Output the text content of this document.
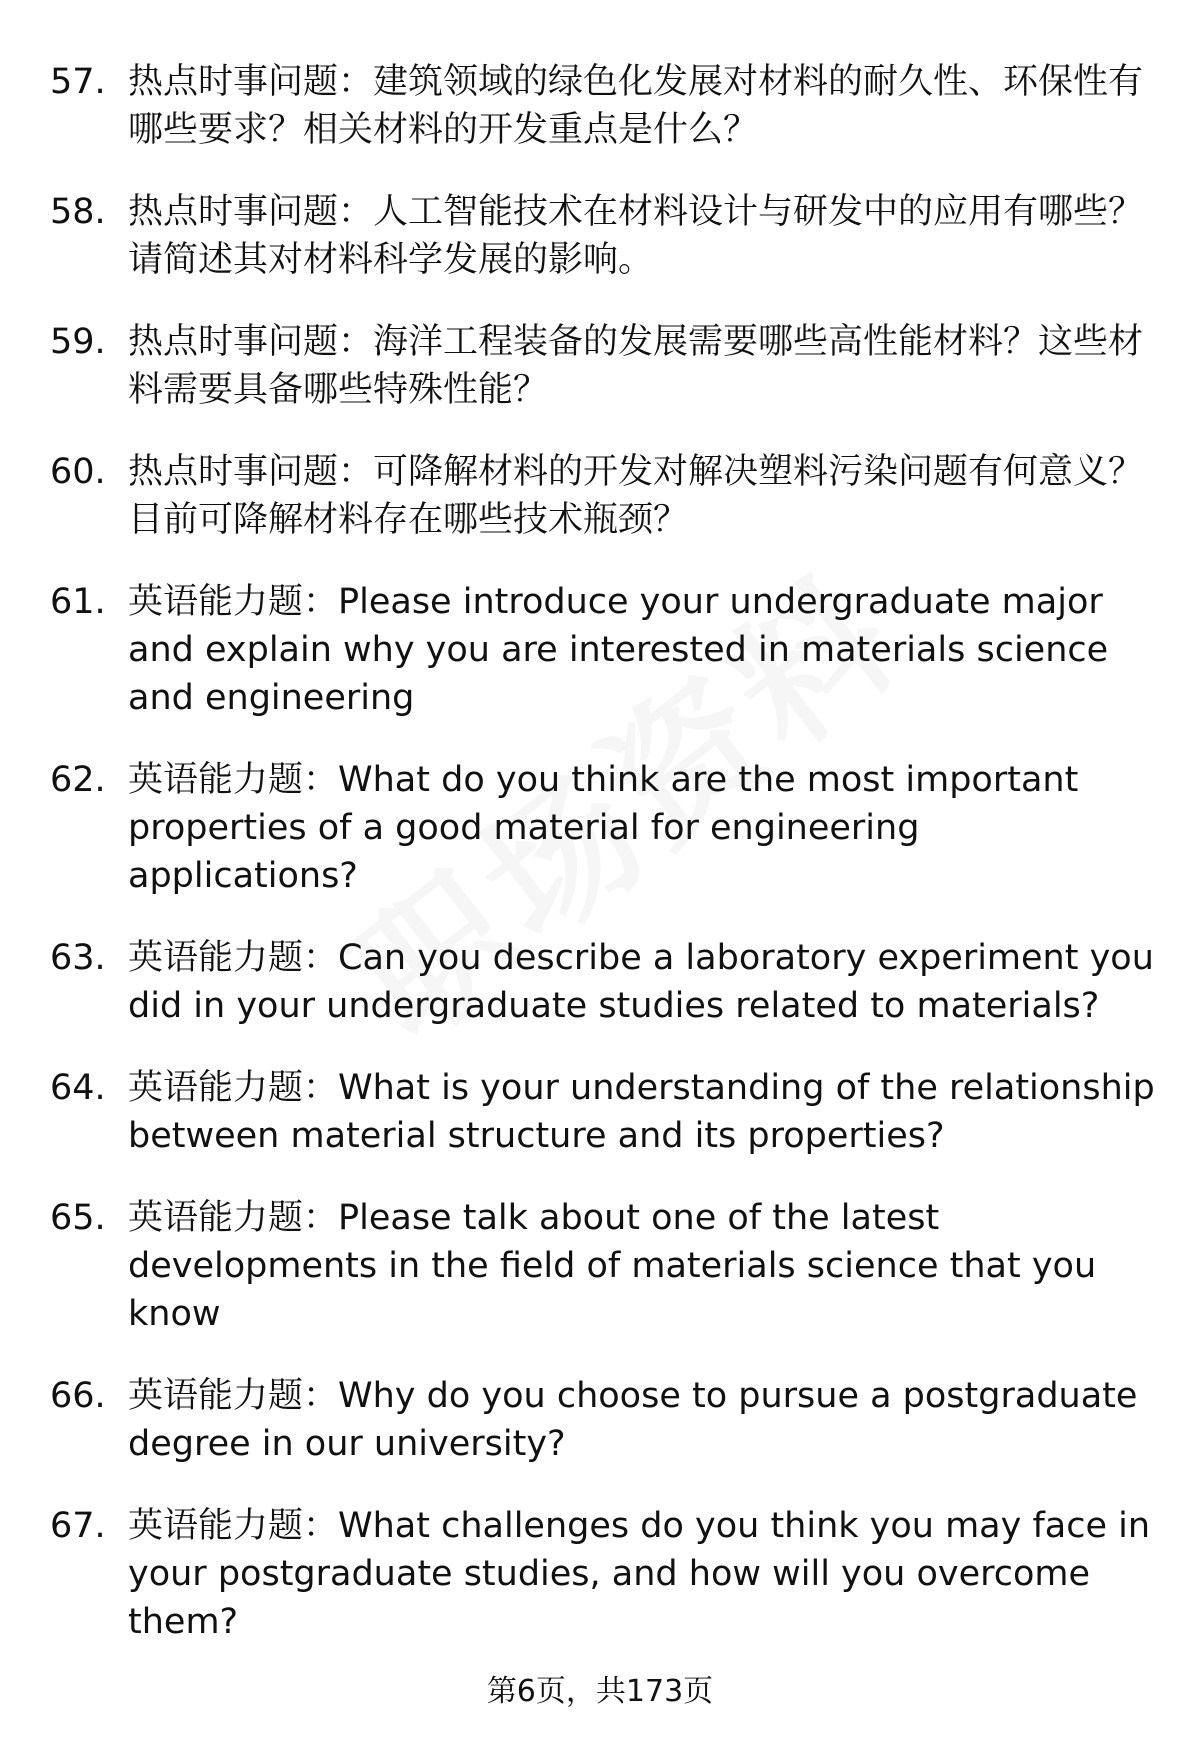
57. 热点时事问题：建筑领域的绿色化发展对材料的耐久性、环保性有哪些要求？相关材料的开发重点是什么？
58. 热点时事问题：人工智能技术在材料设计与研发中的应用有哪些？请简述其对材料科学发展的影响。
59. 热点时事问题：海洋工程装备的发展需要哪些高性能材料？这些材料需要具备哪些特殊性能？
60. 热点时事问题：可降解材料的开发对解决塑料污染问题有何意义？目前可降解材料存在哪些技术瓶颈？
61. 英语能力题：Please introduce your undergraduate major and explain why you are interested in materials science and engineering
62. 英语能力题：What do you think are the most important properties of a good material for engineering applications?
63. 英语能力题：Can you describe a laboratory experiment you did in your undergraduate studies related to materials?
64. 英语能力题：What is your understanding of the relationship between material structure and its properties?
65. 英语能力题：Please talk about one of the latest developments in the field of materials science that you know
66. 英语能力题：Why do you choose to pursue a postgraduate degree in our university?
67. 英语能力题：What challenges do you think you may face in your postgraduate studies, and how will you overcome them?
第6页，共173页
